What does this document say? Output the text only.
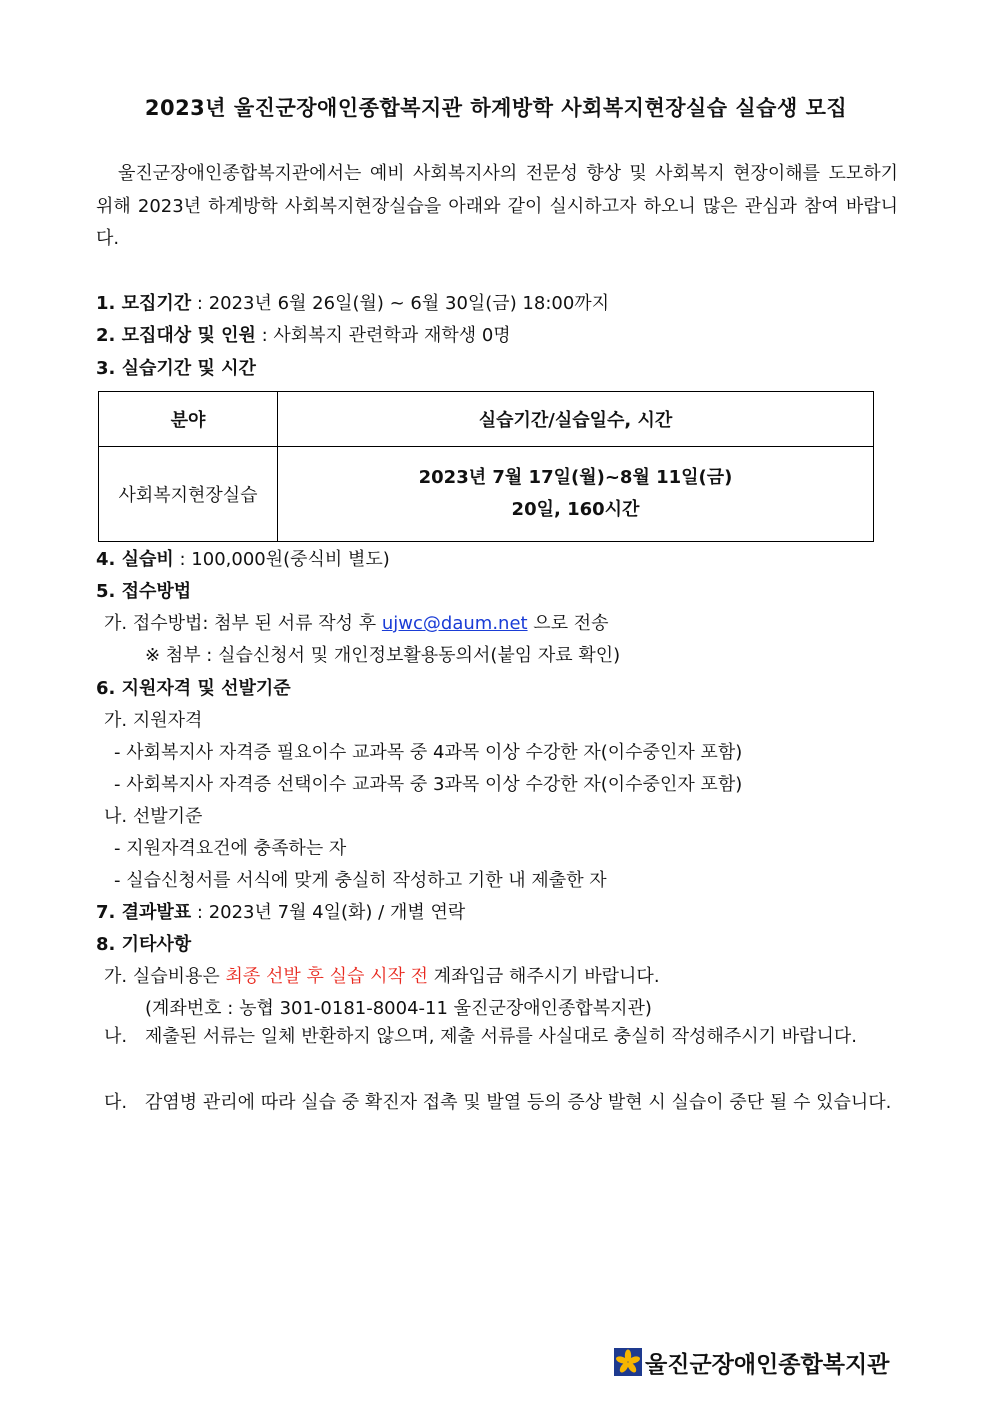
2023년 울진군장애인종합복지관 하계방학 사회복지현장실습 실습생 모집
울진군장애인종합복지관에서는 예비 사회복지사의 전문성 향상 및 사회복지 현장이해를 도모하기 위해 2023년 하계방학 사회복지현장실습을 아래와 같이 실시하고자 하오니 많은 관심과 참여 바랍니다.
1. 모집기간 : 2023년 6월 26일(월) ~ 6월 30일(금) 18:00까지
2. 모집대상 및 인원 : 사회복지 관련학과 재학생 0명
3. 실습기간 및 시간
분야	실습기간/실습일수, 시간
사회복지현장실습	2023년 7월 17일(월)~8월 11일(금)
20일, 160시간
4. 실습비 : 100,000원(중식비 별도)
5. 접수방법
가. 접수방법: 첨부 된 서류 작성 후 ujwc@daum.net 으로 전송
※ 첨부 : 실습신청서 및 개인정보활용동의서(붙임 자료 확인)
6. 지원자격 및 선발기준
가. 지원자격
- 사회복지사 자격증 필요이수 교과목 중 4과목 이상 수강한 자(이수중인자 포함)
- 사회복지사 자격증 선택이수 교과목 중 3과목 이상 수강한 자(이수중인자 포함)
나. 선발기준
- 지원자격요건에 충족하는 자
- 실습신청서를 서식에 맞게 충실히 작성하고 기한 내 제출한 자
7. 결과발표 : 2023년 7월 4일(화) / 개별 연락
8. 기타사항
가. 실습비용은 최종 선발 후 실습 시작 전 계좌입금 해주시기 바랍니다.
(계좌번호 : 농협 301-0181-8004-11 울진군장애인종합복지관)
나. 제출된 서류는 일체 반환하지 않으며, 제출 서류를 사실대로 충실히 작성해주시기 바랍니다.
다. 감염병 관리에 따라 실습 중 확진자 접촉 및 발열 등의 증상 발현 시 실습이 중단 될 수 있습니다.
울진군장애인종합복지관
